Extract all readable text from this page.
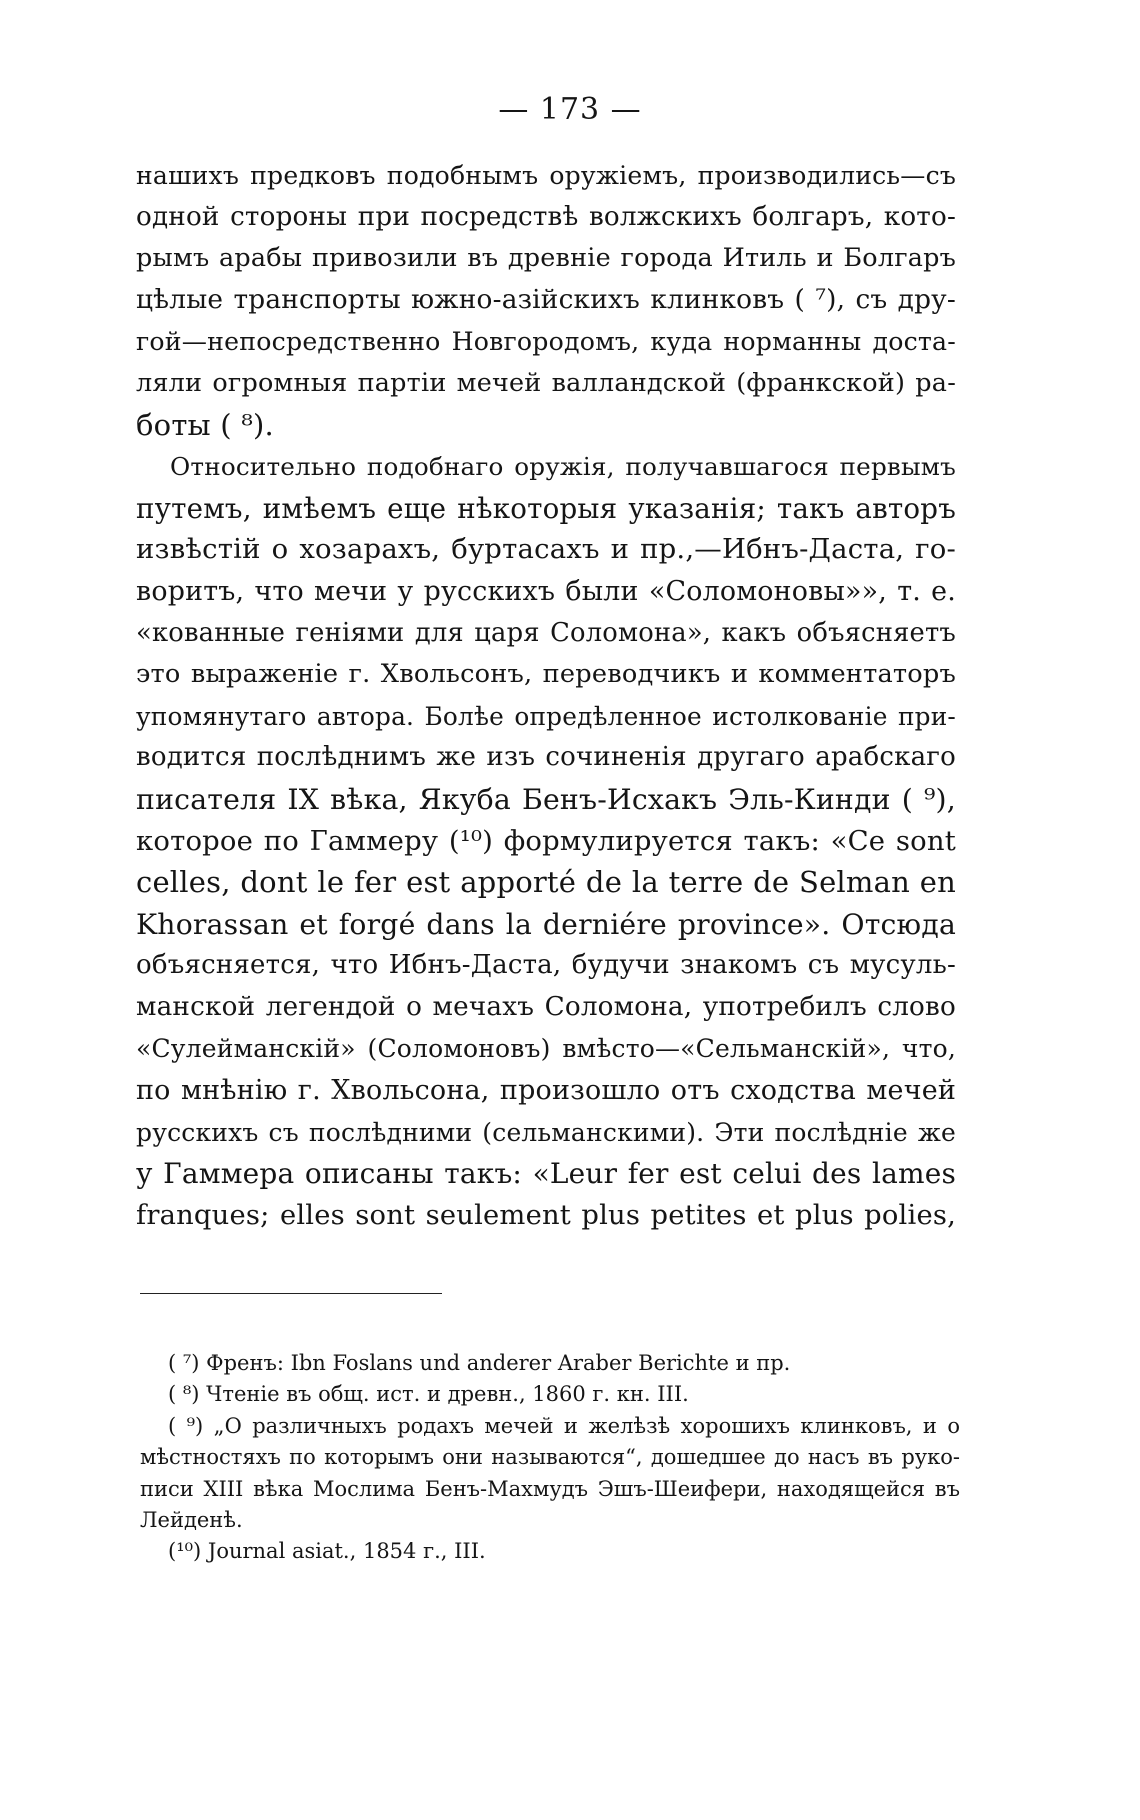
— 173 —
нашихъ предковъ подобнымъ оружіемъ, производились—съ
одной стороны при посредствѣ волжскихъ болгаръ, кото-
рымъ арабы привозили въ древніе города Итиль и Болгаръ
цѣлые транспорты южно-азійскихъ клинковъ ( ⁷), съ дру-
гой—непосредственно Новгородомъ, куда норманны доста-
ляли огромныя партіи мечей валландской (франкской) ра-
боты ( ⁸).
Относительно подобнаго оружія, получавшагося первымъ
путемъ, имѣемъ еще нѣкоторыя указанія; такъ авторъ
извѣстій о хозарахъ, буртасахъ и пр.,—Ибнъ-Даста, го-
воритъ, что мечи у русскихъ были «Соломоновы»», т. е.
«кованные геніями для царя Соломона», какъ объясняетъ
это выраженіе г. Хвольсонъ, переводчикъ и комментаторъ
упомянутаго автора. Болѣе опредѣленное истолкованіе при-
водится послѣднимъ же изъ сочиненія другаго арабскаго
писателя IX вѣка, Якуба Бенъ-Исхакъ Эль-Кинди ( ⁹),
которое по Гаммеру (¹⁰) формулируется такъ: «Ce sont
celles, dont le fer est apporté de la terre de Selman en
Khorassan et forgé dans la derniére province». Отсюда
объясняется, что Ибнъ-Даста, будучи знакомъ съ мусуль-
манской легендой о мечахъ Соломона, употребилъ слово
«Сулейманскій» (Соломоновъ) вмѣсто—«Сельманскій», что,
по мнѣнію г. Хвольсона, произошло отъ сходства мечей
русскихъ съ послѣдними (сельманскими). Эти послѣдніе же
у Гаммера описаны такъ: «Leur fer est celui des lames
franques; elles sont seulement plus petites et plus polies,
( ⁷) Френъ: Ibn Foslans und anderer Araber Berichte и пр.
( ⁸) Чтеніе въ общ. ист. и древн., 1860 г. кн. III.
( ⁹) „О различныхъ родахъ мечей и желѣзѣ хорошихъ клинковъ, и о
мѣстностяхъ по которымъ они называются“, дошедшее до насъ въ руко-
писи XIII вѣка Мослима Бенъ-Махмудъ Эшъ-Шеифери, находящейся въ
Лейденѣ.
(¹⁰) Journal asiat., 1854 г., III.
